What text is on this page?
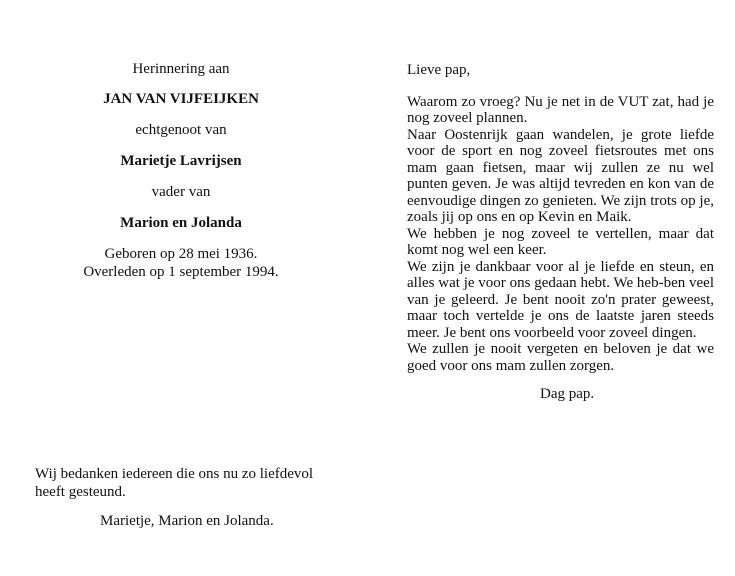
Herinnering aan

JAN VAN VIJFEIJKEN

echtgenoot van

Marietje Lavrijsen

vader van

Marion en Jolanda

Geboren op 28 mei 1936.

Overleden op 1 september 1994.

Wij bedanken iedereen die ons nu zo liefdevol heeft gesteund.
Marietje, Marion en Jolanda.

Lieve pap,

Waarom zo vroeg? Nu je net in de VUT zat, had je nog zoveel plannen.

Naar Oostenrijk gaan wandelen, je grote liefde voor de sport en nog zoveel fietsroutes met ons mam gaan fietsen, maar wij zullen ze nu wel punten geven. Je was altijd tevreden en kon van de eenvoudige dingen zo genieten. We zijn trots op je, zoals jij op ons en op Kevin en Maik.

We hebben je nog zoveel te vertellen, maar dat komt nog wel een keer.

We zijn je dankbaar voor al je liefde en steun, en alles wat je voor ons gedaan hebt. We heb-ben veel van je geleerd. Je bent nooit zo'n prater geweest, maar toch vertelde je ons de laatste jaren steeds meer. Je bent ons voorbeeld voor zoveel dingen.

We zullen je nooit vergeten en beloven je dat we goed voor ons mam zullen zorgen.

Dag pap.
